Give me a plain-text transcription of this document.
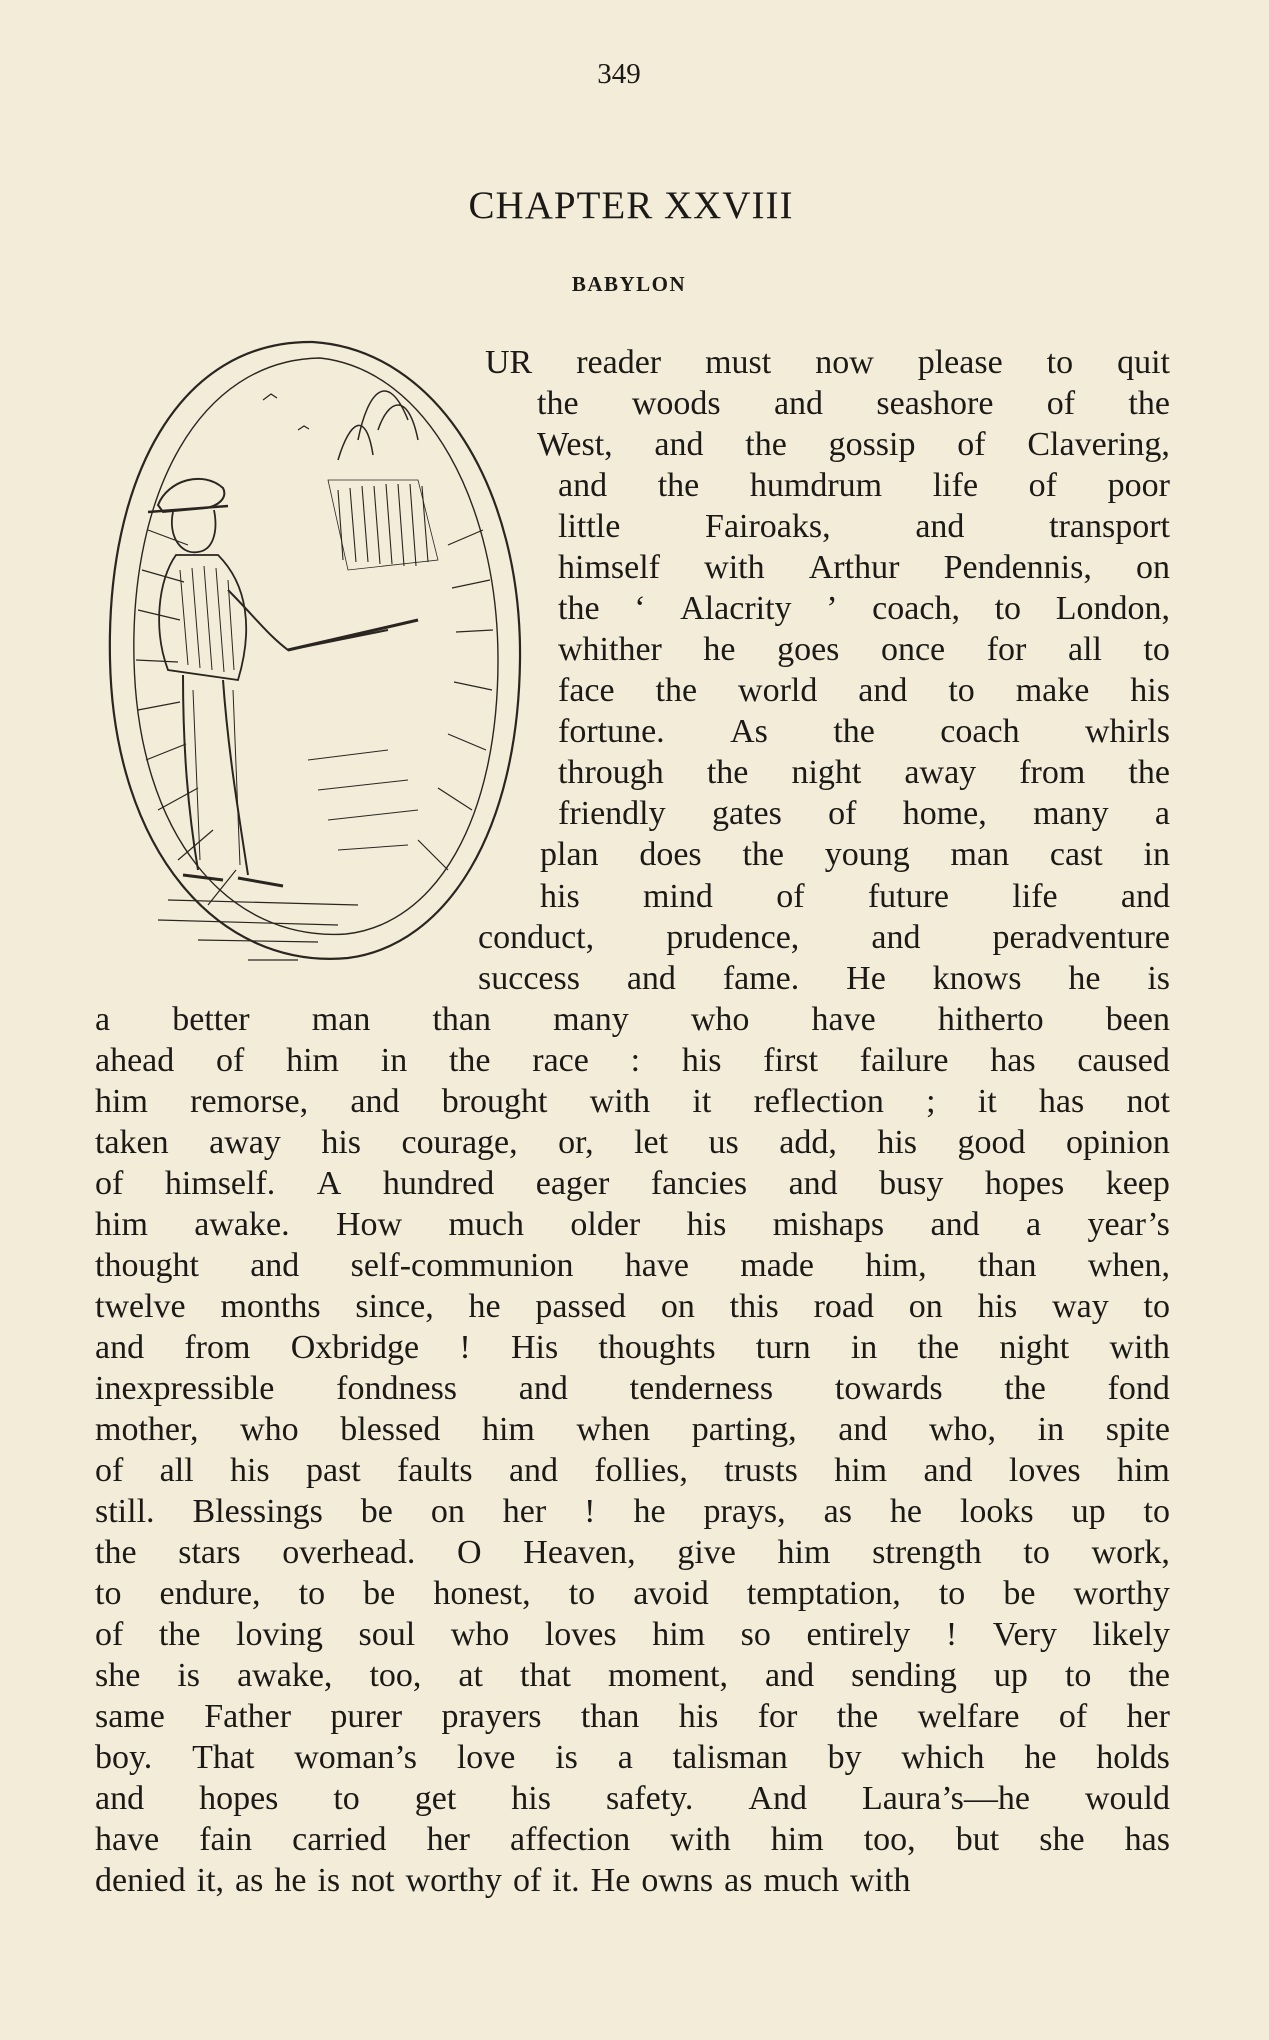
349
CHAPTER XXVIII
BABYLON
UR reader must now please to quit
the woods and seashore of the
West, and the gossip of Clavering,
and the humdrum life of poor
little Fairoaks, and transport
himself with Arthur Pendennis, on
the ‘ Alacrity ’ coach, to London,
whither he goes once for all to
face the world and to make his
fortune. As the coach whirls
through the night away from the
friendly gates of home, many a
plan does the young man cast in
his mind of future life and
conduct, prudence, and peradventure
success and fame. He knows he is
a better man than many who have hitherto been
ahead of him in the race : his first failure has caused
him remorse, and brought with it reflection ; it has not
taken away his courage, or, let us add, his good opinion
of himself. A hundred eager fancies and busy hopes keep
him awake. How much older his mishaps and a year’s
thought and self-communion have made him, than when,
twelve months since, he passed on this road on his way to
and from Oxbridge ! His thoughts turn in the night with
inexpressible fondness and tenderness towards the fond
mother, who blessed him when parting, and who, in spite
of all his past faults and follies, trusts him and loves him
still. Blessings be on her ! he prays, as he looks up to
the stars overhead. O Heaven, give him strength to work,
to endure, to be honest, to avoid temptation, to be worthy
of the loving soul who loves him so entirely ! Very likely
she is awake, too, at that moment, and sending up to the
same Father purer prayers than his for the welfare of her
boy. That woman’s love is a talisman by which he holds
and hopes to get his safety. And Laura’s—he would
have fain carried her affection with him too, but she has
denied it, as he is not worthy of it. He owns as much with
